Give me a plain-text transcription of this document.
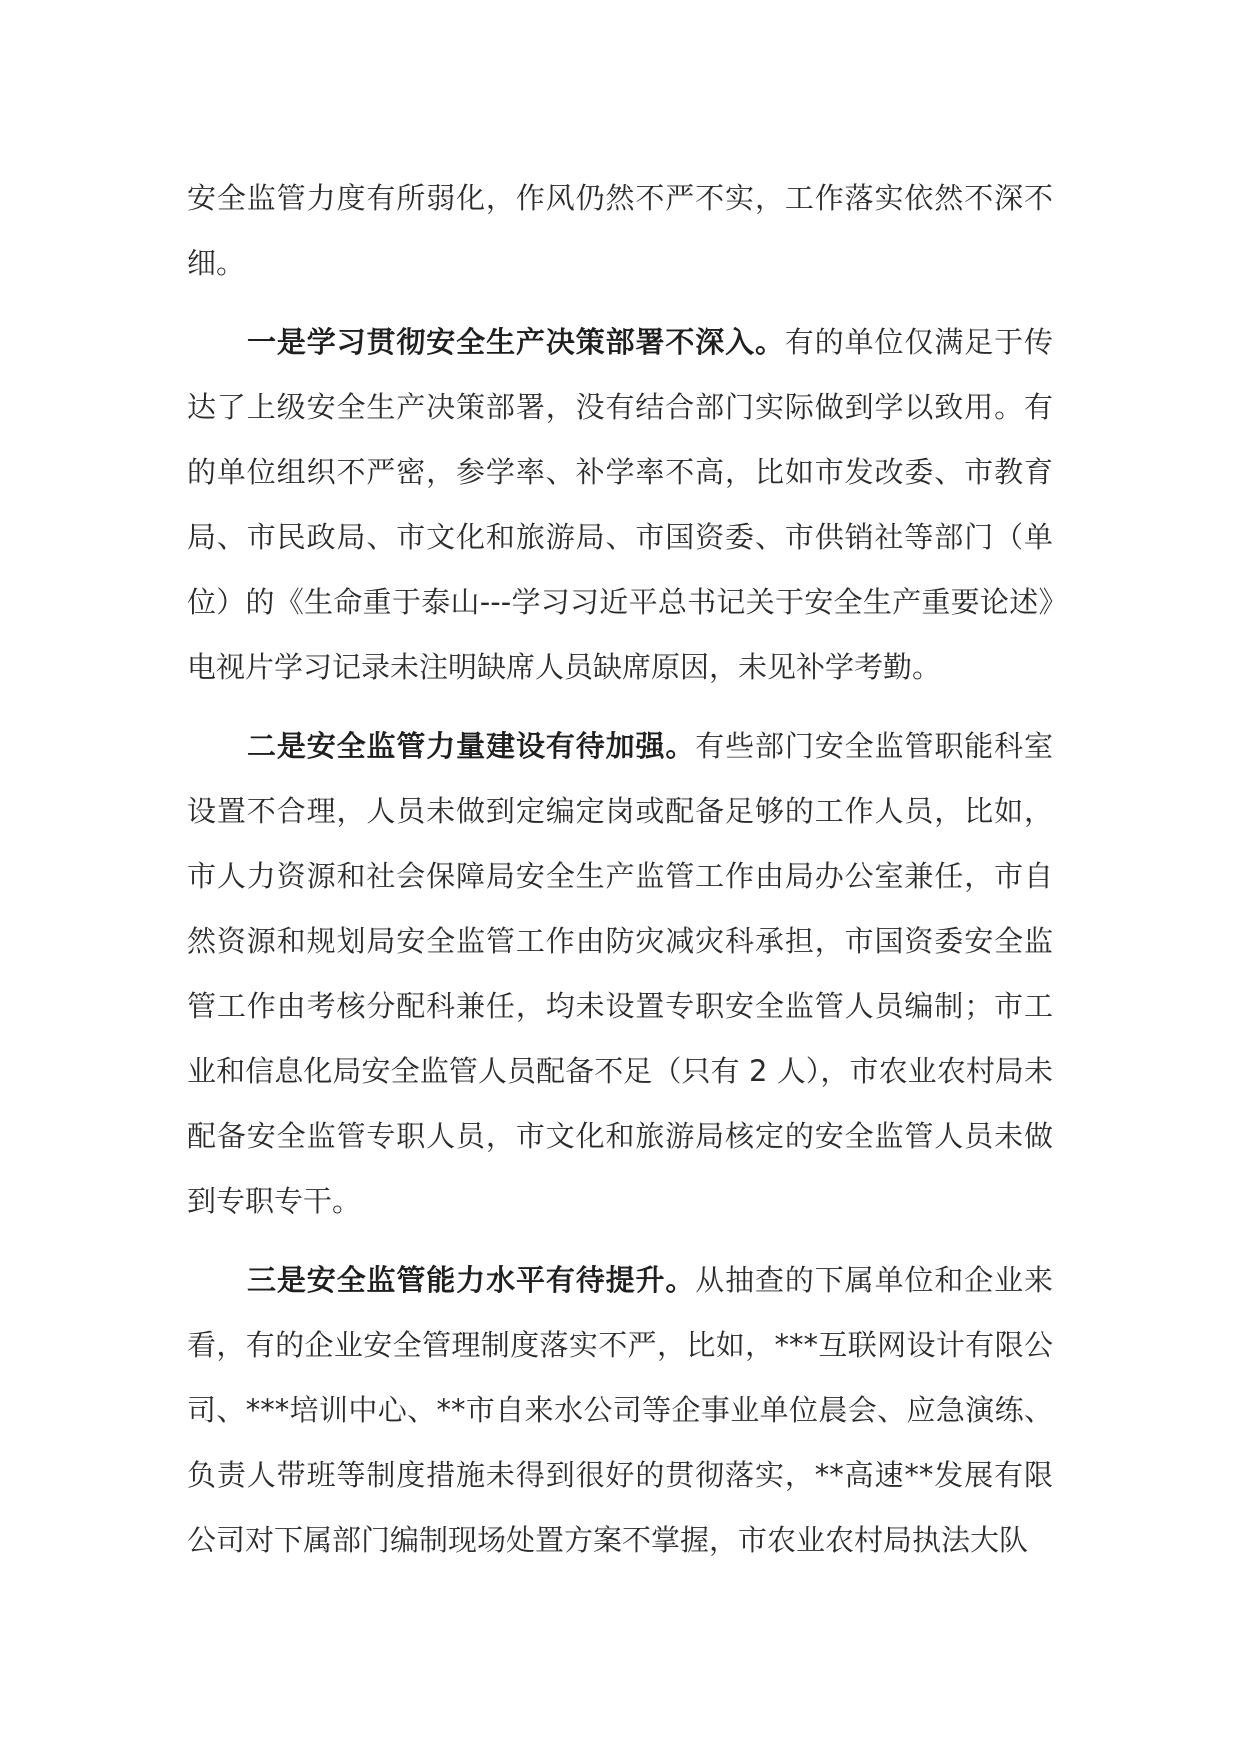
安全监管力度有所弱化，作风仍然不严不实，工作落实依然不深不细。

一是学习贯彻安全生产决策部署不深入。有的单位仅满足于传达了上级安全生产决策部署，没有结合部门实际做到学以致用。有的单位组织不严密，参学率、补学率不高，比如市发改委、市教育局、市民政局、市文化和旅游局、市国资委、市供销社等部门（单位）的《生命重于泰山---学习习近平总书记关于安全生产重要论述》电视片学习记录未注明缺席人员缺席原因，未见补学考勤。

二是安全监管力量建设有待加强。有些部门安全监管职能科室设置不合理，人员未做到定编定岗或配备足够的工作人员，比如，市人力资源和社会保障局安全生产监管工作由局办公室兼任，市自然资源和规划局安全监管工作由防灾减灾科承担，市国资委安全监管工作由考核分配科兼任，均未设置专职安全监管人员编制；市工业和信息化局安全监管人员配备不足（只有 2 人），市农业农村局未配备安全监管专职人员，市文化和旅游局核定的安全监管人员未做到专职专干。

三是安全监管能力水平有待提升。从抽查的下属单位和企业来看，有的企业安全管理制度落实不严，比如，***互联网设计有限公司、***培训中心、**市自来水公司等企事业单位晨会、应急演练、负责人带班等制度措施未得到很好的贯彻落实，**高速**发展有限公司对下属部门编制现场处置方案不掌握，市农业农村局执法大队
